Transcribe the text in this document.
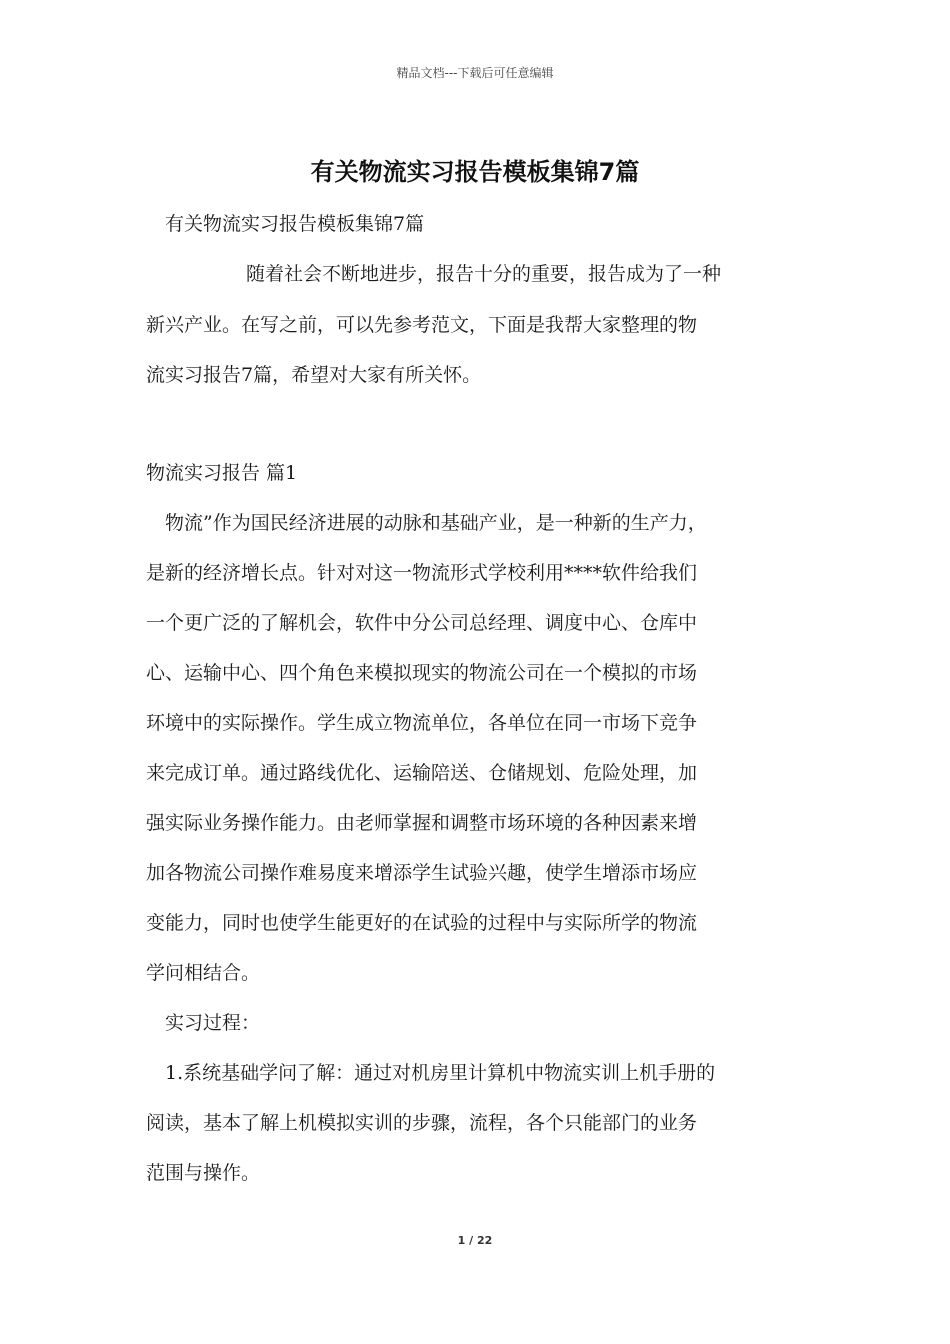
精品文档---下载后可任意编辑
有关物流实习报告模板集锦7篇
有关物流实习报告模板集锦7篇
随着社会不断地进步，报告十分的重要，报告成为了一种
新兴产业。在写之前，可以先参考范文，下面是我帮大家整理的物
流实习报告7篇，希望对大家有所关怀。
物流实习报告 篇1
物流”作为国民经济进展的动脉和基础产业，是一种新的生产力，
是新的经济增长点。针对对这一物流形式学校利用****软件给我们
一个更广泛的了解机会，软件中分公司总经理、调度中心、仓库中
心、运输中心、四个角色来模拟现实的物流公司在一个模拟的市场
环境中的实际操作。学生成立物流单位，各单位在同一市场下竞争
来完成订单。通过路线优化、运输陪送、仓储规划、危险处理，加
强实际业务操作能力。由老师掌握和调整市场环境的各种因素来增
加各物流公司操作难易度来增添学生试验兴趣，使学生增添市场应
变能力，同时也使学生能更好的在试验的过程中与实际所学的物流
学问相结合。
实习过程：
1.系统基础学问了解：通过对机房里计算机中物流实训上机手册的
阅读，基本了解上机模拟实训的步骤，流程，各个只能部门的业务
范围与操作。
1 / 22
